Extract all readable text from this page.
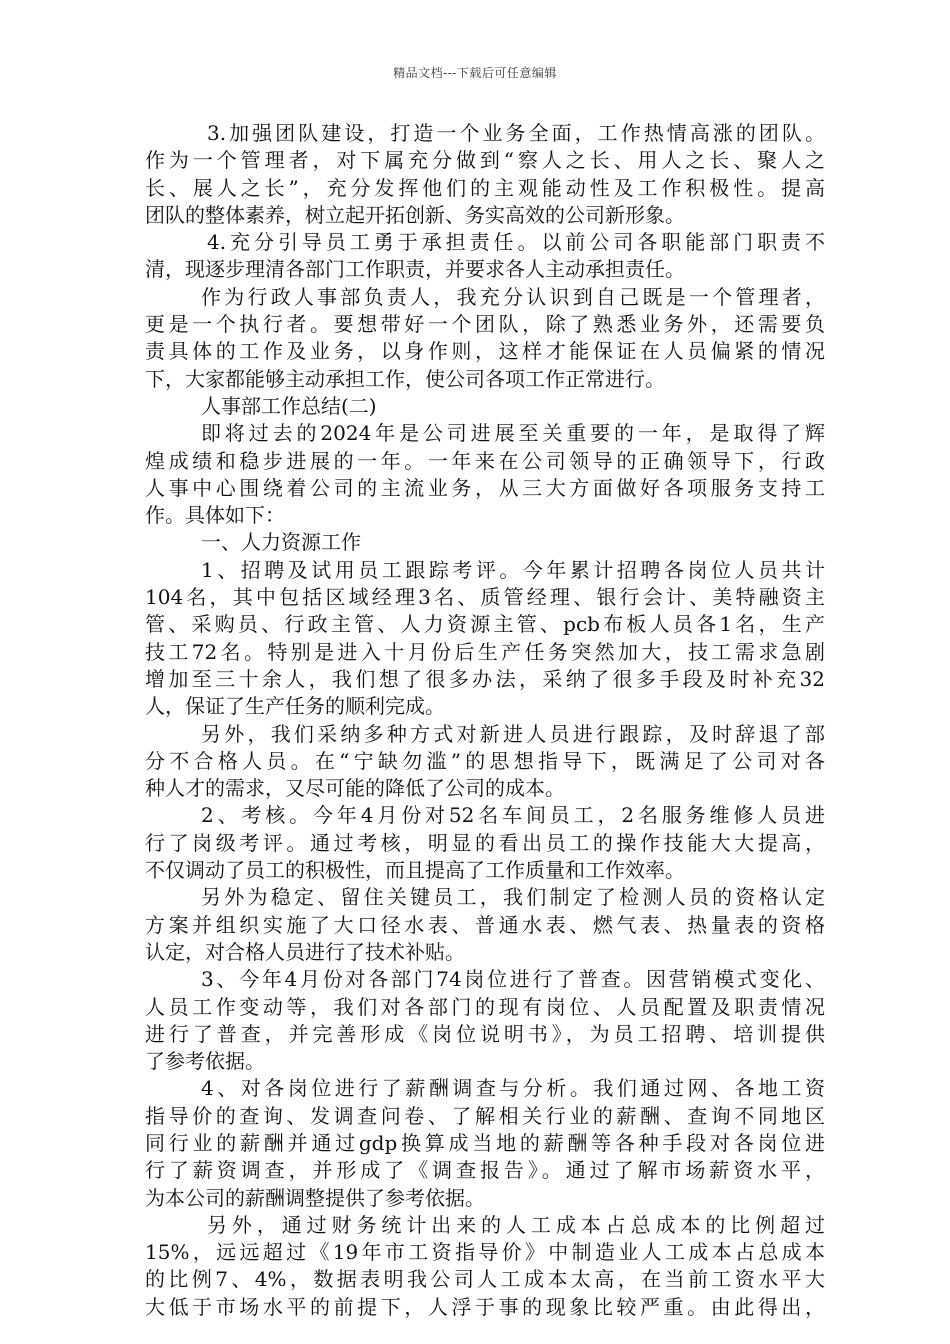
精品文档---下载后可任意编辑

3.加强团队建设，打造一个业务全面，工作热情高涨的团队。

作为一个管理者，对下属充分做到“察人之长、用人之长、聚人之

长、展人之长”，充分发挥他们的主观能动性及工作积极性。提高

团队的整体素养，树立起开拓创新、务实高效的公司新形象。

4.充分引导员工勇于承担责任。以前公司各职能部门职责不

清，现逐步理清各部门工作职责，并要求各人主动承担责任。

作为行政人事部负责人，我充分认识到自己既是一个管理者，

更是一个执行者。要想带好一个团队，除了熟悉业务外，还需要负

责具体的工作及业务，以身作则，这样才能保证在人员偏紧的情况

下，大家都能够主动承担工作，使公司各项工作正常进行。

人事部工作总结(二)

即将过去的2024年是公司进展至关重要的一年，是取得了辉

煌成绩和稳步进展的一年。一年来在公司领导的正确领导下，行政

人事中心围绕着公司的主流业务，从三大方面做好各项服务支持工

作。具体如下：

一、人力资源工作

1、招聘及试用员工跟踪考评。今年累计招聘各岗位人员共计

104名，其中包括区域经理3名、质管经理、银行会计、美特融资主

管、采购员、行政主管、人力资源主管、pcb布板人员各1名，生产

技工72名。特别是进入十月份后生产任务突然加大，技工需求急剧

增加至三十余人，我们想了很多办法，采纳了很多手段及时补充32

人，保证了生产任务的顺利完成。

另外，我们采纳多种方式对新进人员进行跟踪，及时辞退了部

分不合格人员。在“宁缺勿滥”的思想指导下，既满足了公司对各

种人才的需求，又尽可能的降低了公司的成本。

2、考核。今年4月份对52名车间员工，2名服务维修人员进

行了岗级考评。通过考核，明显的看出员工的操作技能大大提高，

不仅调动了员工的积极性，而且提高了工作质量和工作效率。

另外为稳定、留住关键员工，我们制定了检测人员的资格认定

方案并组织实施了大口径水表、普通水表、燃气表、热量表的资格

认定，对合格人员进行了技术补贴。

3、今年4月份对各部门74岗位进行了普查。因营销模式变化、

人员工作变动等，我们对各部门的现有岗位、人员配置及职责情况

进行了普查，并完善形成《岗位说明书》，为员工招聘、培训提供

了参考依据。

4、对各岗位进行了薪酬调查与分析。我们通过网、各地工资

指导价的查询、发调查问卷、了解相关行业的薪酬、查询不同地区

同行业的薪酬并通过gdp换算成当地的薪酬等各种手段对各岗位进

行了薪资调查，并形成了《调查报告》。通过了解市场薪资水平，

为本公司的薪酬调整提供了参考依据。

另外，通过财务统计出来的人工成本占总成本的比例超过

15%，远远超过《19年市工资指导价》中制造业人工成本占总成本

的比例7、4%，数据表明我公司人工成本太高，在当前工资水平大

大低于市场水平的前提下，人浮于事的现象比较严重。由此得出，
